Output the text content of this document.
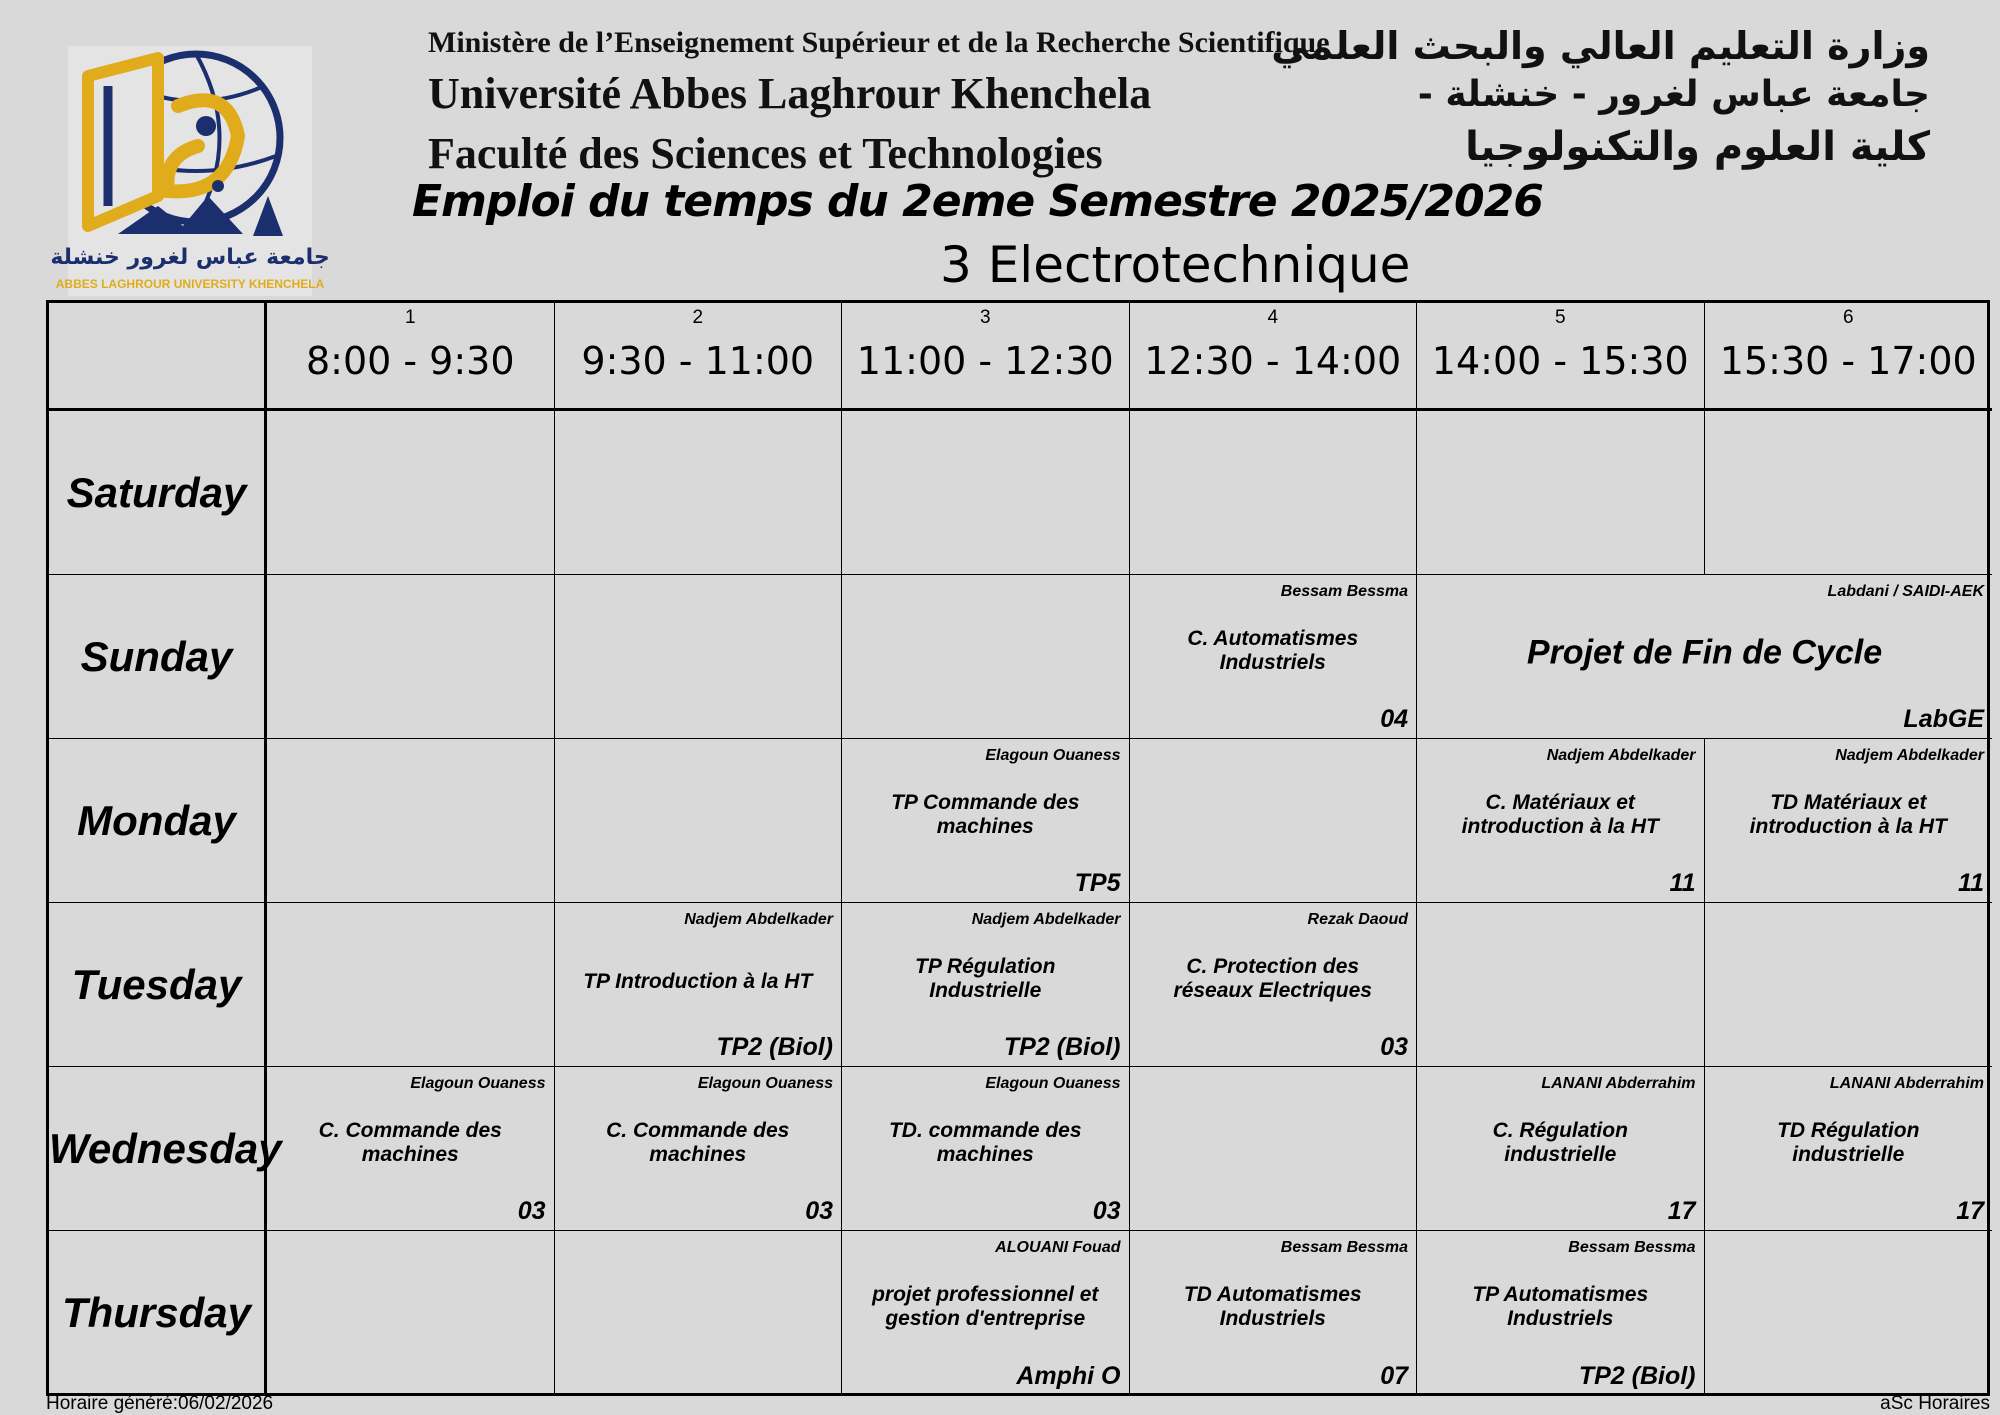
جامعة عباس لغرور خنشلة
ABBES LAGHROUR UNIVERSITY KHENCHELA
Ministère de l’Enseignement Supérieur et de la Recherche Scientifique
Université Abbes Laghrour Khenchela
Faculté des Sciences et Technologies
وزارة التعليم العالي والبحث العلمي
جامعة عباس لغرور - خنشلة -
كلية العلوم والتكنولوجيا
Emploi du temps du 2eme Semestre 2025/2026
3 Electrotechnique
1
8:00 - 9:30
2
9:30 - 11:00
3
11:00 - 12:30
4
12:30 - 14:00
5
14:00 - 15:30
6
15:30 - 17:00
Saturday
Sunday
Monday
Tuesday
Wednesday
Thursday
Bessam Bessma
C. Automatismes Industriels
04
Labdani / SAIDI-AEK
Projet de Fin de Cycle
LabGE
Elagoun Ouaness
TP Commande des machines
TP5
Nadjem Abdelkader
C. Matériaux et introduction à la HT
11
Nadjem Abdelkader
TD Matériaux et introduction à la HT
11
Nadjem Abdelkader
TP Introduction à la HT
TP2 (Biol)
Nadjem Abdelkader
TP Régulation Industrielle
TP2 (Biol)
Rezak Daoud
C. Protection des réseaux Electriques
03
Elagoun Ouaness
C. Commande des machines
03
Elagoun Ouaness
C. Commande des machines
03
Elagoun Ouaness
TD. commande des machines
03
LANANI Abderrahim
C. Régulation industrielle
17
LANANI Abderrahim
TD Régulation industrielle
17
ALOUANI Fouad
projet professionnel et gestion d'entreprise
Amphi O
Bessam Bessma
TD Automatismes Industriels
07
Bessam Bessma
TP Automatismes Industriels
TP2 (Biol)
Horaire généré:06/02/2026	aSc Horaires
